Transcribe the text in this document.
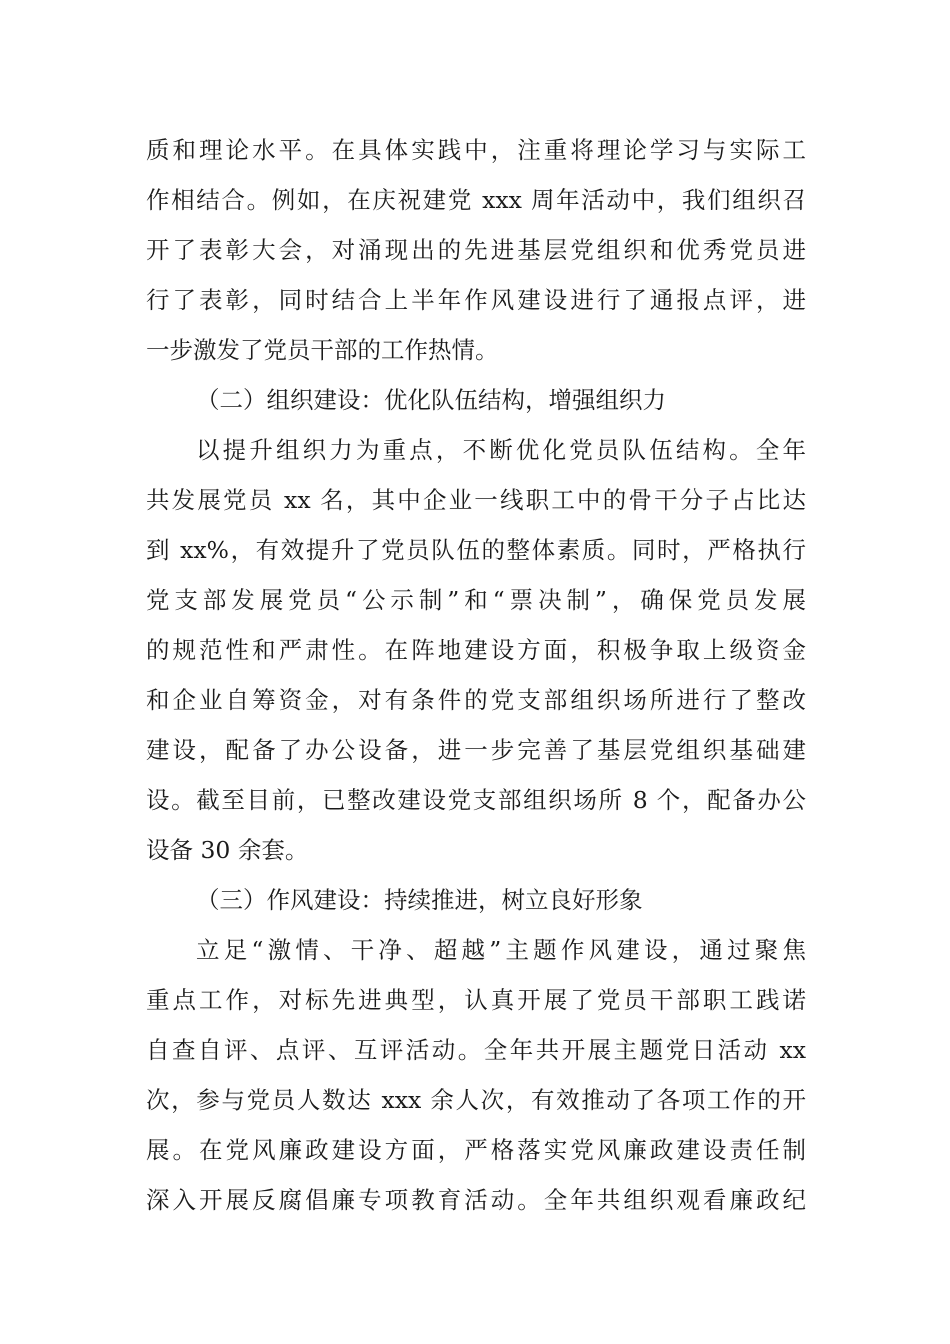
质和理论水平。在具体实践中，注重将理论学习与实际工
作相结合。例如，在庆祝建党 xxx 周年活动中，我们组织召
开了表彰大会，对涌现出的先进基层党组织和优秀党员进
行了表彰，同时结合上半年作风建设进行了通报点评，进
一步激发了党员干部的工作热情。
（二）组织建设：优化队伍结构，增强组织力
以提升组织力为重点，不断优化党员队伍结构。全年
共发展党员 xx 名，其中企业一线职工中的骨干分子占比达
到 xx%，有效提升了党员队伍的整体素质。同时，严格执行
党支部发展党员“公示制”和“票决制”，确保党员发展
的规范性和严肃性。在阵地建设方面，积极争取上级资金
和企业自筹资金，对有条件的党支部组织场所进行了整改
建设，配备了办公设备，进一步完善了基层党组织基础建
设。截至目前，已整改建设党支部组织场所 8 个，配备办公
设备 30 余套。
（三）作风建设：持续推进，树立良好形象
立足“激情、干净、超越”主题作风建设，通过聚焦
重点工作，对标先进典型，认真开展了党员干部职工践诺
自查自评、点评、互评活动。全年共开展主题党日活动 xx
次，参与党员人数达 xxx 余人次，有效推动了各项工作的开
展。在党风廉政建设方面，严格落实党风廉政建设责任制
深入开展反腐倡廉专项教育活动。全年共组织观看廉政纪
